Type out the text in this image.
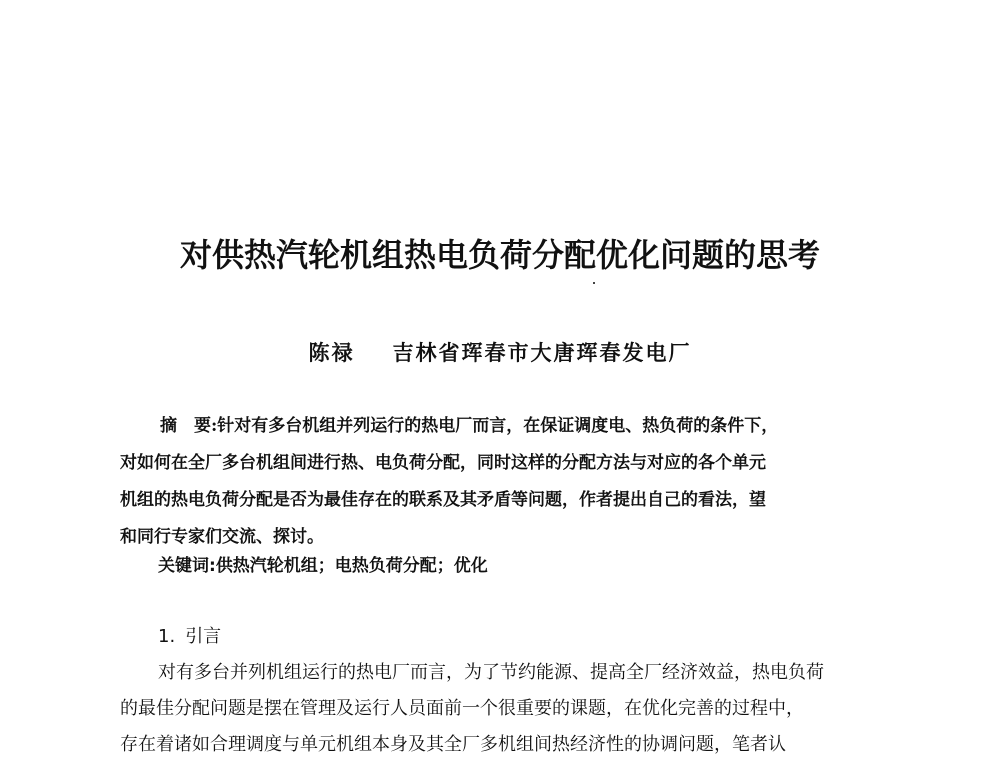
对供热汽轮机组热电负荷分配优化问题的思考
陈禄 吉林省珲春市大唐珲春发电厂
摘　要:针对有多台机组并列运行的热电厂而言，在保证调度电、热负荷的条件下，
对如何在全厂多台机组间进行热、电负荷分配，同时这样的分配方法与对应的各个单元
机组的热电负荷分配是否为最佳存在的联系及其矛盾等问题，作者提出自己的看法，望
和同行专家们交流、探讨。
关键词:供热汽轮机组；电热负荷分配；优化
1. 引言
对有多台并列机组运行的热电厂而言，为了节约能源、提高全厂经济效益，热电负荷
的最佳分配问题是摆在管理及运行人员面前一个很重要的课题，在优化完善的过程中，
存在着诸如合理调度与单元机组本身及其全厂多机组间热经济性的协调问题，笔者认
